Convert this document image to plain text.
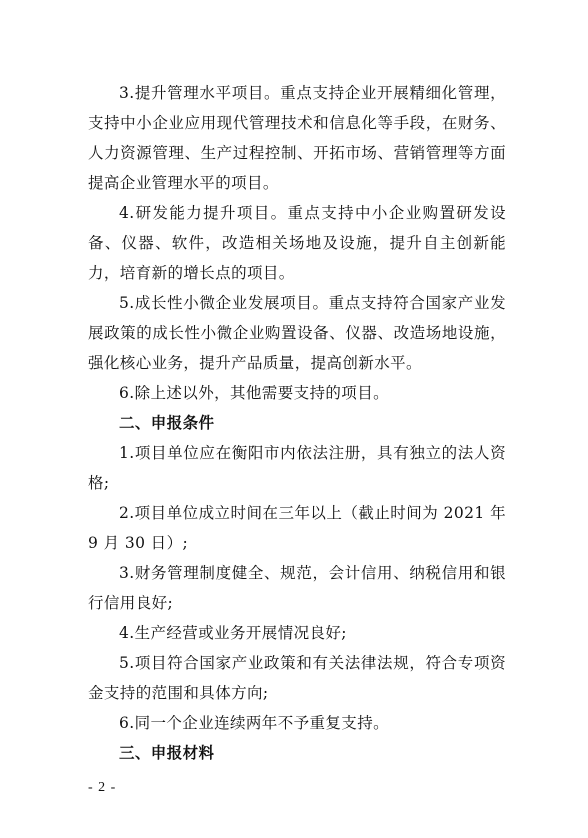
3.提升管理水平项目。重点支持企业开展精细化管理，支持中小企业应用现代管理技术和信息化等手段，在财务、人力资源管理、生产过程控制、开拓市场、营销管理等方面提高企业管理水平的项目。

4.研发能力提升项目。重点支持中小企业购置研发设备、仪器、软件，改造相关场地及设施，提升自主创新能力，培育新的增长点的项目。

5.成长性小微企业发展项目。重点支持符合国家产业发展政策的成长性小微企业购置设备、仪器、改造场地设施，强化核心业务，提升产品质量，提高创新水平。

6.除上述以外，其他需要支持的项目。

二、申报条件

1.项目单位应在衡阳市内依法注册，具有独立的法人资格;

2.项目单位成立时间在三年以上（截止时间为 2021 年 9 月 30 日）;

3.财务管理制度健全、规范，会计信用、纳税信用和银行信用良好;

4.生产经营或业务开展情况良好;

5.项目符合国家产业政策和有关法律法规，符合专项资金支持的范围和具体方向;

6.同一个企业连续两年不予重复支持。

三、申报材料

- 2 -
